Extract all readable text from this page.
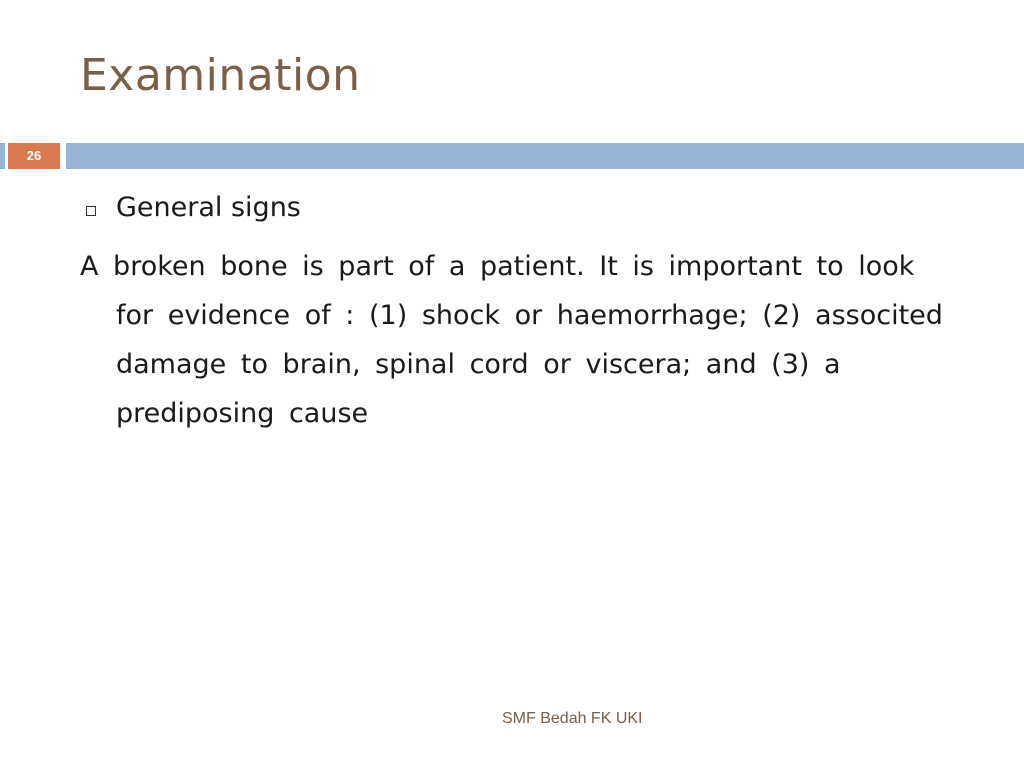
Examination
26
General signs

A broken bone is part of a patient. It is important to look for evidence of : (1) shock or haemorrhage; (2) associted damage to brain, spinal cord or viscera; and (3) a prediposing cause

SMF Bedah FK UKI
